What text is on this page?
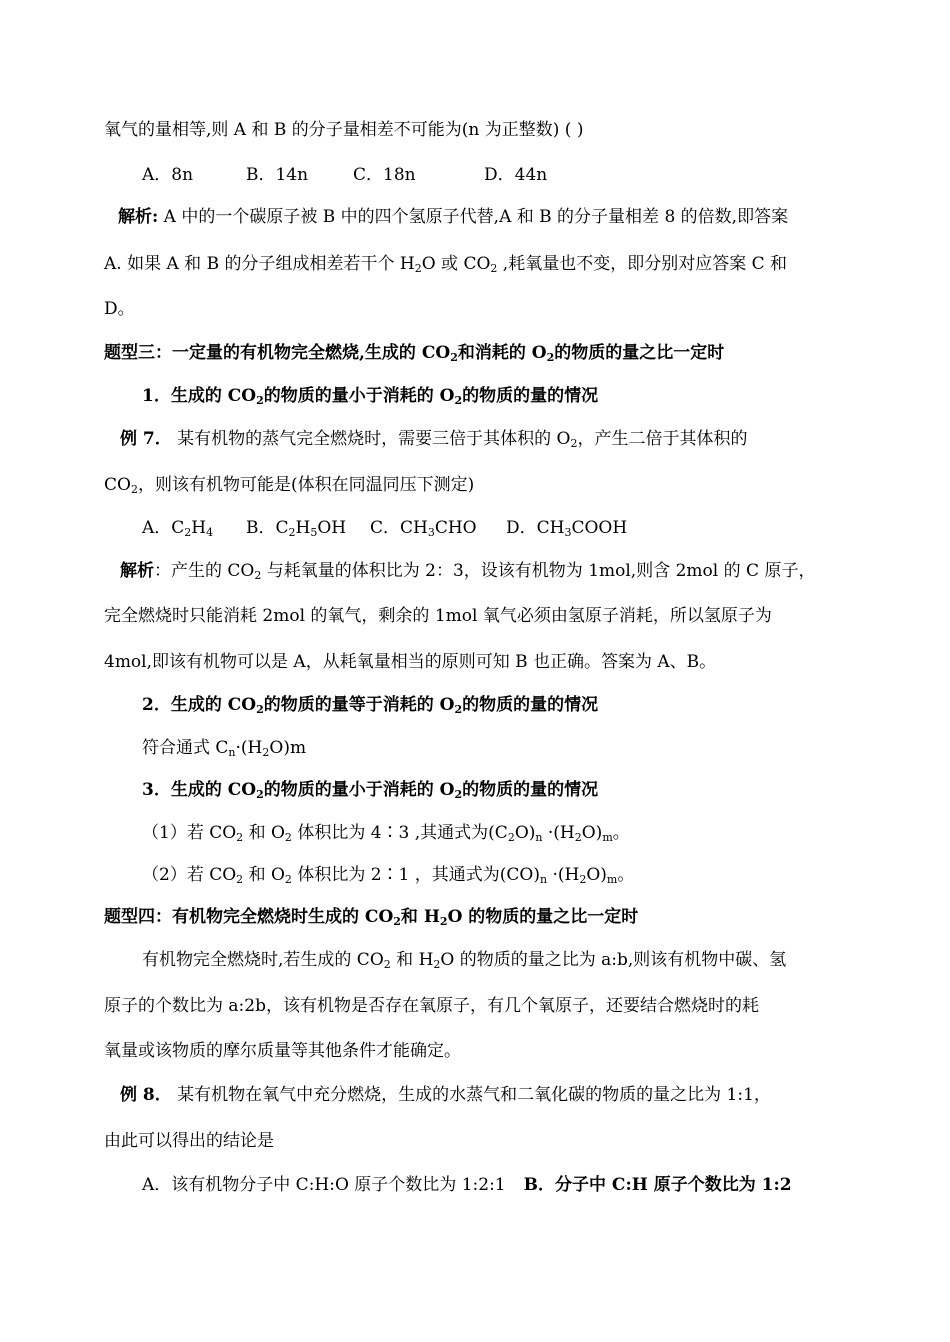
氧气的量相等,则 A 和 B 的分子量相差不可能为(n 为正整数) ( )
A．8n	B．14n	C．18n	D．44n
解析: A 中的一个碳原子被 B 中的四个氢原子代替,A 和 B 的分子量相差 8 的倍数,即答案
A. 如果 A 和 B 的分子组成相差若干个 $H_2O$ 或 $CO_2$ ,耗氧量也不变，即分别对应答案 C 和
D。
题型三：一定量的有机物完全燃烧,生成的 $CO_2$和消耗的 $O_2$的物质的量之比一定时
1．生成的 $CO_2$的物质的量小于消耗的 $O_2$的物质的量的情况
例 7． 某有机物的蒸气完全燃烧时，需要三倍于其体积的 $O_2$，产生二倍于其体积的
$CO_2$，则该有机物可能是(体积在同温同压下测定)
A．$C_2H_4$ B．$C_2H_5OH$ C．$CH_3CHO$ D．$CH_3COOH$
解析：产生的 $CO_2$ 与耗氧量的体积比为 2：3，设该有机物为 1mol,则含 2mol 的 C 原子，
完全燃烧时只能消耗 2mol 的氧气，剩余的 1mol 氧气必须由氢原子消耗，所以氢原子为
4mol,即该有机物可以是 A，从耗氧量相当的原则可知 B 也正确。答案为 A、B。
2．生成的 $CO_2$的物质的量等于消耗的 $O_2$的物质的量的情况
符合通式 $C_n\cdot(H_2O)m$
3．生成的 $CO_2$的物质的量小于消耗的 $O_2$的物质的量的情况
（1）若 $CO_2$ 和 $O_2$ 体积比为 4∶3 ,其通式为$(C_2O)_n \cdot(H_2O)_m$。
（2）若 $CO_2$ 和 $O_2$ 体积比为 2∶1 ，其通式为$(CO)_n \cdot(H_2O)_m$。
题型四：有机物完全燃烧时生成的 $CO_2$和 $H_2O$ 的物质的量之比一定时
有机物完全燃烧时,若生成的 $CO_2$ 和 $H_2O$ 的物质的量之比为 a:b,则该有机物中碳、氢
原子的个数比为 a:2b，该有机物是否存在氧原子，有几个氧原子，还要结合燃烧时的耗
氧量或该物质的摩尔质量等其他条件才能确定。
例 8． 某有机物在氧气中充分燃烧，生成的水蒸气和二氧化碳的物质的量之比为 1:1，
由此可以得出的结论是
A．该有机物分子中 C:H:O 原子个数比为 1:2:1 B．分子中 C:H 原子个数比为 1:2
